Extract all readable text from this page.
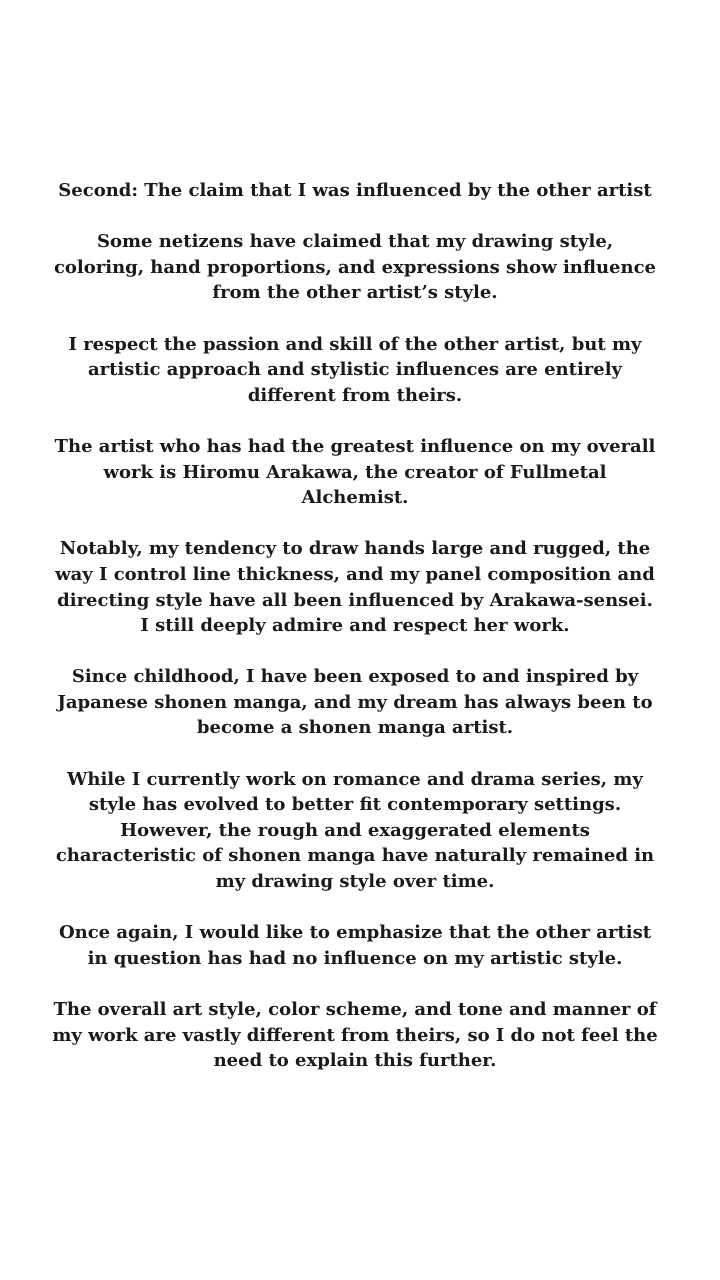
Second: The claim that I was influenced by the other artist

Some netizens have claimed that my drawing style, coloring, hand proportions, and expressions show influence from the other artist’s style.

I respect the passion and skill of the other artist, but my artistic approach and stylistic influences are entirely different from theirs.

The artist who has had the greatest influence on my overall work is Hiromu Arakawa, the creator of Fullmetal Alchemist.

Notably, my tendency to draw hands large and rugged, the way I control line thickness, and my panel composition and directing style have all been influenced by Arakawa-sensei. I still deeply admire and respect her work.

Since childhood, I have been exposed to and inspired by Japanese shonen manga, and my dream has always been to become a shonen manga artist.

While I currently work on romance and drama series, my style has evolved to better fit contemporary settings. However, the rough and exaggerated elements characteristic of shonen manga have naturally remained in my drawing style over time.

Once again, I would like to emphasize that the other artist in question has had no influence on my artistic style.

The overall art style, color scheme, and tone and manner of my work are vastly different from theirs, so I do not feel the need to explain this further.
